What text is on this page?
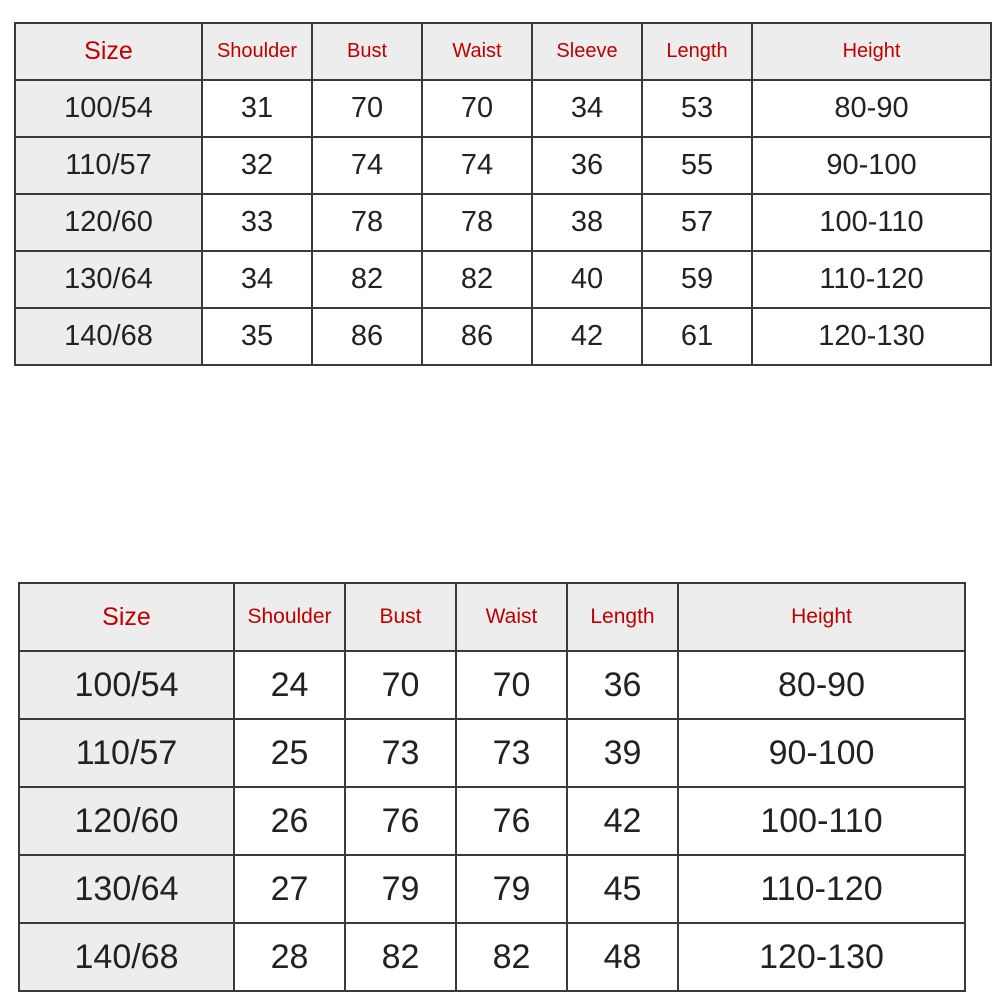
Size	Shoulder	Bust	Waist	Sleeve	Length	Height
100/54	31	70	70	34	53	80-90
110/57	32	74	74	36	55	90-100
120/60	33	78	78	38	57	100-110
130/64	34	82	82	40	59	110-120
140/68	35	86	86	42	61	120-130
Size	Shoulder	Bust	Waist	Length	Height
100/54	24	70	70	36	80-90
110/57	25	73	73	39	90-100
120/60	26	76	76	42	100-110
130/64	27	79	79	45	110-120
140/68	28	82	82	48	120-130
